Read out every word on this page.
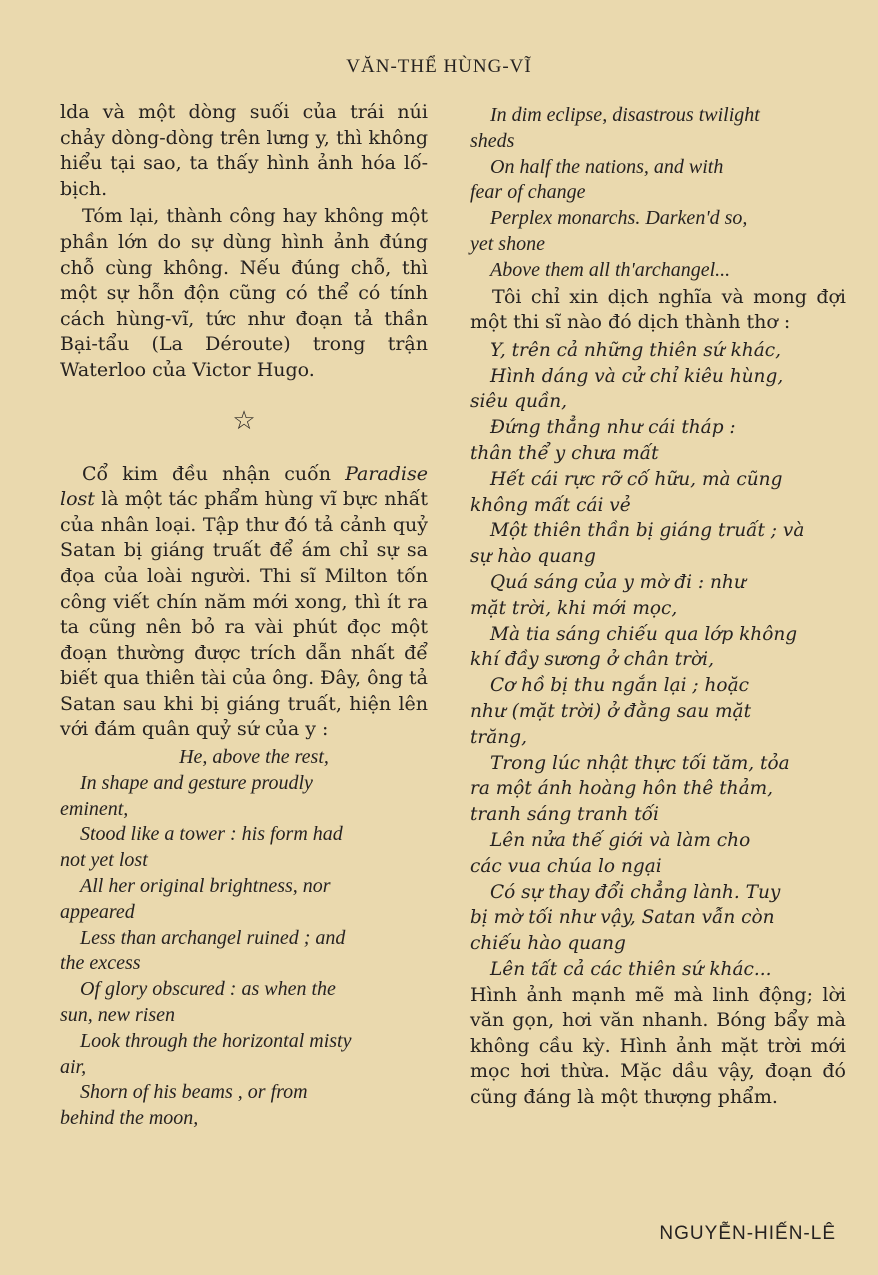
VĂN-THỂ HÙNG-VĨ

lda và một dòng suối của trái núi chảy dòng-dòng trên lưng y, thì không hiểu tại sao, ta thấy hình ảnh hóa lố-bịch.

Tóm lại, thành công hay không một phần lớn do sự dùng hình ảnh đúng chỗ cùng không. Nếu đúng chỗ, thì một sự hỗn độn cũng có thể có tính cách hùng-vĩ, tức như đoạn tả thần Bại-tẩu (La Déroute) trong trận Waterloo của Victor Hugo.

☆

Cổ kim đều nhận cuốn Paradise lost là một tác phẩm hùng vĩ bực nhất của nhân loại. Tập thư đó tả cảnh quỷ Satan bị giáng truất để ám chỉ sự sa đọa của loài người. Thi sĩ Milton tốn công viết chín năm mới xong, thì ít ra ta cũng nên bỏ ra vài phút đọc một đoạn thường được trích dẫn nhất để biết qua thiên tài của ông. Đây, ông tả Satan sau khi bị giáng truất, hiện lên với đám quân quỷ sứ của y :

He, above the rest,
In shape and gesture proudly
eminent,
Stood like a tower : his form had
not yet lost
All her original brightness, nor
appeared
Less than archangel ruined ; and
the excess
Of glory obscured : as when the
sun, new risen
Look through the horizontal misty
air,
Shorn of his beams , or from
behind the moon,
In dim eclipse, disastrous twilight
sheds
On half the nations, and with
fear of change
Perplex monarchs. Darken'd so,
yet shone
Above them all th'archangel...

Tôi chỉ xin dịch nghĩa và mong đợi một thi sĩ nào đó dịch thành thơ :

Y, trên cả những thiên sứ khác,
Hình dáng và cử chỉ kiêu hùng,
siêu quần,
Đứng thẳng như cái tháp :
thân thể y chưa mất
Hết cái rực rỡ cố hữu, mà cũng
không mất cái vẻ
Một thiên thần bị giáng truất ; và
sự hào quang
Quá sáng của y mờ đi : như
mặt trời, khi mới mọc,
Mà tia sáng chiếu qua lớp không
khí đầy sương ở chân trời,
Cơ hồ bị thu ngắn lại ; hoặc
như (mặt trời) ở đằng sau mặt
trăng,
Trong lúc nhật thực tối tăm, tỏa
ra một ánh hoàng hôn thê thảm,
tranh sáng tranh tối
Lên nửa thế giới và làm cho
các vua chúa lo ngại
Có sự thay đổi chẳng lành. Tuy
bị mờ tối như vậy, Satan vẫn còn
chiếu hào quang
Lên tất cả các thiên sứ khác...

Hình ảnh mạnh mẽ mà linh động; lời văn gọn, hơi văn nhanh. Bóng bẩy mà không cầu kỳ. Hình ảnh mặt trời mới mọc hơi thừa. Mặc dầu vậy, đoạn đó cũng đáng là một thượng phẩm.

NGUYỄN-HIẾN-LÊ
